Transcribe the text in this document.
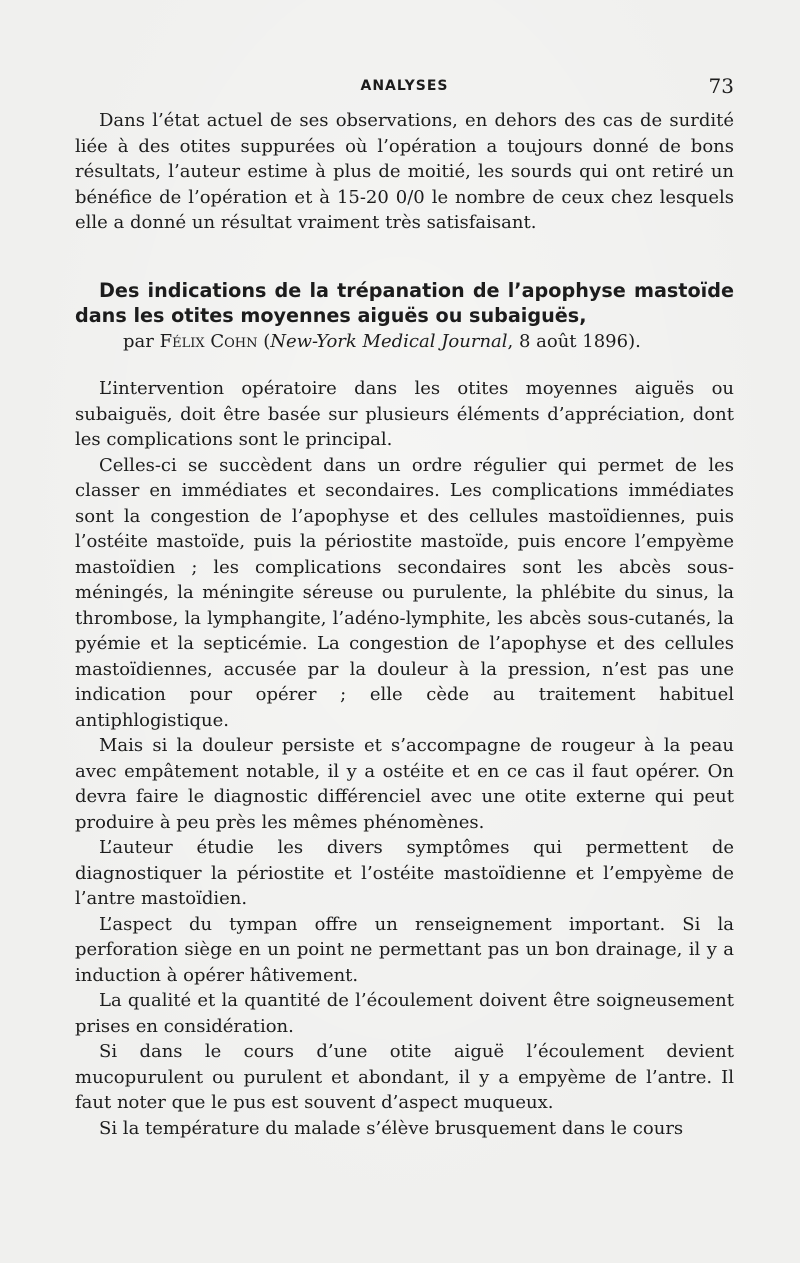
ANALYSES	73

Dans l’état actuel de ses observations, en dehors des cas de surdité liée à des otites suppurées où l’opération a toujours donné de bons résultats, l’auteur estime à plus de moitié, les sourds qui ont retiré un bénéfice de l’opération et à 15-20 0/0 le nombre de ceux chez lesquels elle a donné un résultat vraiment très satisfaisant.

Des indications de la trépanation de l’apophyse mastoïde dans les otites moyennes aiguës ou subaiguës,

par Félix Cohn (New-York Medical Journal, 8 août 1896).

L’intervention opératoire dans les otites moyennes aiguës ou subaiguës, doit être basée sur plusieurs éléments d’appréciation, dont les complications sont le principal.

Celles-ci se succèdent dans un ordre régulier qui permet de les classer en immédiates et secondaires. Les complications immédiates sont la congestion de l’apophyse et des cellules mastoïdiennes, puis l’ostéite mastoïde, puis la périostite mastoïde, puis encore l’empyème mastoïdien ; les complications secondaires sont les abcès sous-méningés, la méningite séreuse ou purulente, la phlébite du sinus, la thrombose, la lymphangite, l’adéno-lymphite, les abcès sous-cutanés, la pyémie et la septicémie. La congestion de l’apophyse et des cellules mastoïdiennes, accusée par la douleur à la pression, n’est pas une indication pour opérer ; elle cède au traitement habituel antiphlogistique.

Mais si la douleur persiste et s’accompagne de rougeur à la peau avec empâtement notable, il y a ostéite et en ce cas il faut opérer. On devra faire le diagnostic différenciel avec une otite externe qui peut produire à peu près les mêmes phénomènes.

L’auteur étudie les divers symptômes qui permettent de diagnostiquer la périostite et l’ostéite mastoïdienne et l’empyème de l’antre mastoïdien.

L’aspect du tympan offre un renseignement important. Si la perforation siège en un point ne permettant pas un bon drainage, il y a induction à opérer hâtivement.

La qualité et la quantité de l’écoulement doivent être soigneusement prises en considération.

Si dans le cours d’une otite aiguë l’écoulement devient mucopurulent ou purulent et abondant, il y a empyème de l’antre. Il faut noter que le pus est souvent d’aspect muqueux.

Si la température du malade s’élève brusquement dans le cours
